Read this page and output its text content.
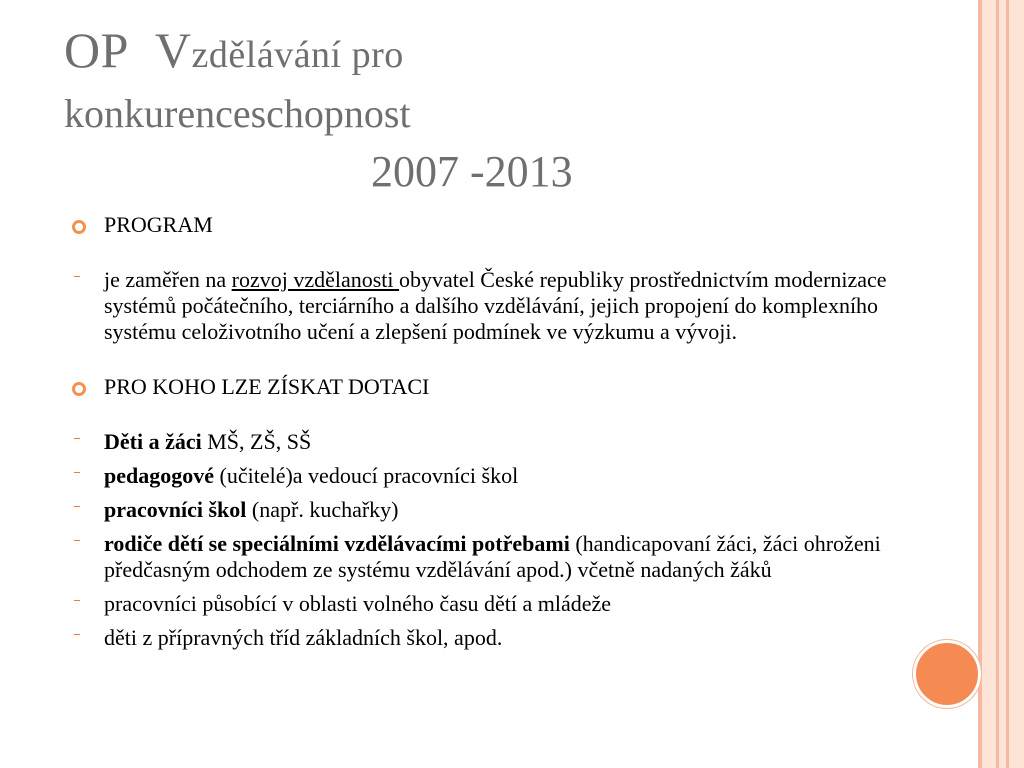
OP Vzdělávání pro
konkurenceschopnost
2007 -2013
PROGRAM
je zaměřen na rozvoj vzdělanosti obyvatel České republiky prostřednictvím modernizace systémů počátečního, terciárního a dalšího vzdělávání, jejich propojení do komplexního systému celoživotního učení a zlepšení podmínek ve výzkumu a vývoji.
PRO KOHO LZE ZÍSKAT DOTACI
Děti a žáci MŠ, ZŠ, SŠ
pedagogové (učitelé)a vedoucí pracovníci škol
pracovníci škol (např. kuchařky)
rodiče dětí se speciálními vzdělávacími potřebami (handicapovaní žáci, žáci ohroženi předčasným odchodem ze systému vzdělávání apod.) včetně nadaných žáků
pracovníci působící v oblasti volného času dětí a mládeže
děti z přípravných tříd základních škol, apod.
